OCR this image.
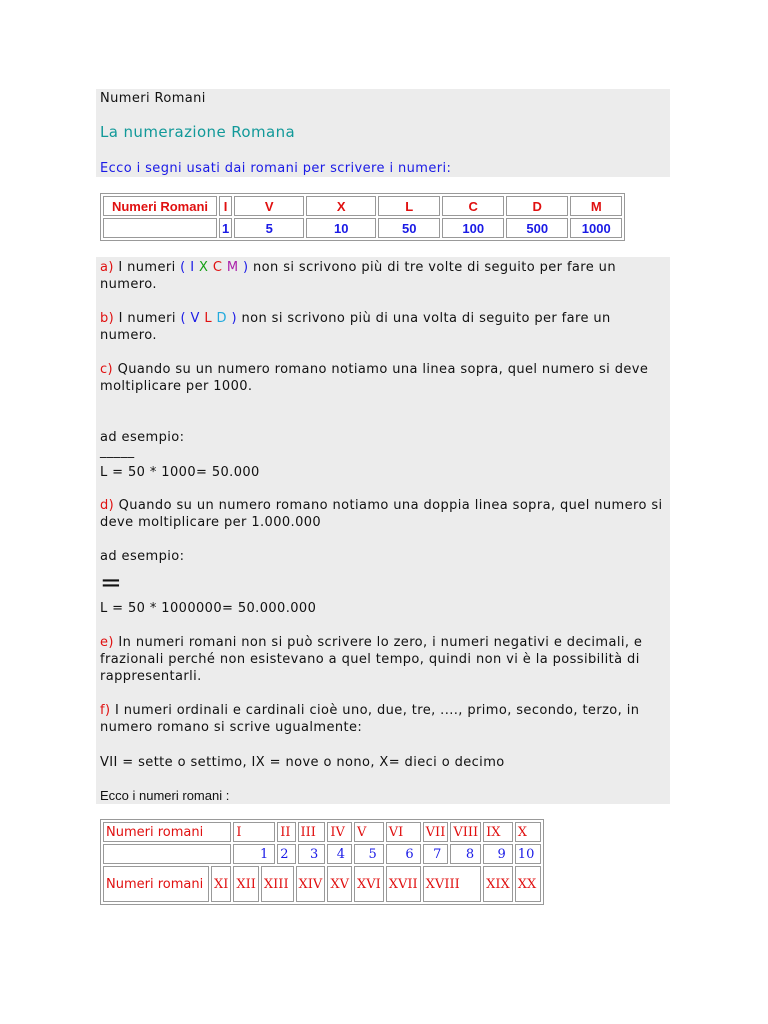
Numeri Romani
La numerazione Romana
Ecco i segni usati dai romani per scrivere i numeri:
Numeri Romani	I	V	X	L	C	D	M
	1	5	10	50	100	500	1000
a) I numeri ( I X C M ) non si scrivono più di tre volte di seguito per fare un numero.
b) I numeri ( V L D ) non si scrivono più di una volta di seguito per fare un numero.
c) Quando su un numero romano notiamo una linea sopra, quel numero si deve moltiplicare per 1000.
ad esempio:
_____
L = 50 * 1000= 50.000
d) Quando su un numero romano notiamo una doppia linea sopra, quel numero si deve moltiplicare per 1.000.000
ad esempio:
=
L = 50 * 1000000= 50.000.000
e) In numeri romani non si può scrivere lo zero, i numeri negativi e decimali, e frazionali perché non esistevano a quel tempo, quindi non vi è la possibilità di rappresentarli.
f) I numeri ordinali e cardinali cioè uno, due, tre, ...., primo, secondo, terzo, in numero romano si scrive ugualmente:
VII = sette o settimo, IX = nove o nono, X= dieci o decimo
Ecco i numeri romani :
Numeri romani		I		II		III	IV	V	VI	VII	VIII	IX	X
		1		2		3	4	5	6	7	8	9	10
Numeri romani	XI	XII	XIII		XIV		XV	XVI	XVII	XVIII		XIX	XX
